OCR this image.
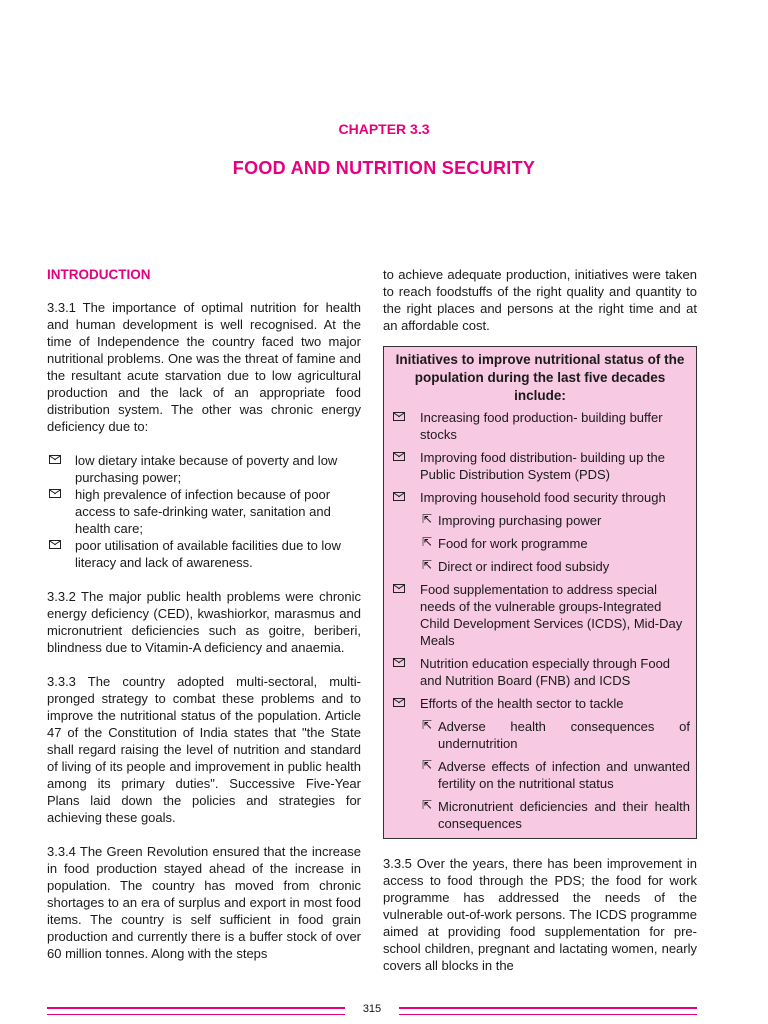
CHAPTER 3.3
FOOD AND NUTRITION SECURITY
INTRODUCTION

3.3.1 The importance of optimal nutrition for health and human development is well recognised. At the time of Independence the country faced two major nutritional problems. One was the threat of famine and the resultant acute starvation due to low agricultural production and the lack of an appropriate food distribution system. The other was chronic energy deficiency due to:

low dietary intake because of poverty and low purchasing power;
high prevalence of infection because of poor access to safe-drinking water, sanitation and health care;
poor utilisation of available facilities due to low literacy and lack of awareness.

3.3.2 The major public health problems were chronic energy deficiency (CED), kwashiorkor, marasmus and micronutrient deficiencies such as goitre, beriberi, blindness due to Vitamin-A deficiency and anaemia.

3.3.3 The country adopted multi-sectoral, multi-pronged strategy to combat these problems and to improve the nutritional status of the population. Article 47 of the Constitution of India states that "the State shall regard raising the level of nutrition and standard of living of its people and improvement in public health among its primary duties". Successive Five-Year Plans laid down the policies and strategies for achieving these goals.

3.3.4 The Green Revolution ensured that the increase in food production stayed ahead of the increase in population. The country has moved from chronic shortages to an era of surplus and export in most food items. The country is self sufficient in food grain production and currently there is a buffer stock of over 60 million tonnes. Along with the steps

to achieve adequate production, initiatives were taken to reach foodstuffs of the right quality and quantity to the right places and persons at the right time and at an affordable cost.

Initiatives to improve nutritional status of the population during the last five decades include:
Increasing food production- building buffer stocks
Improving food distribution- building up the Public Distribution System (PDS)
Improving household food security through
⇱ Improving purchasing power
⇱ Food for work programme
⇱ Direct or indirect food subsidy
Food supplementation to address special needs of the vulnerable groups-Integrated Child Development Services (ICDS), Mid-Day Meals
Nutrition education especially through Food and Nutrition Board (FNB) and ICDS
Efforts of the health sector to tackle
⇱ Adverse health consequences of undernutrition
⇱ Adverse effects of infection and unwanted fertility on the nutritional status
⇱ Micronutrient deficiencies and their health consequences

3.3.5 Over the years, there has been improvement in access to food through the PDS; the food for work programme has addressed the needs of the vulnerable out-of-work persons. The ICDS programme aimed at providing food supplementation for pre-school children, pregnant and lactating women, nearly covers all blocks in the

315
